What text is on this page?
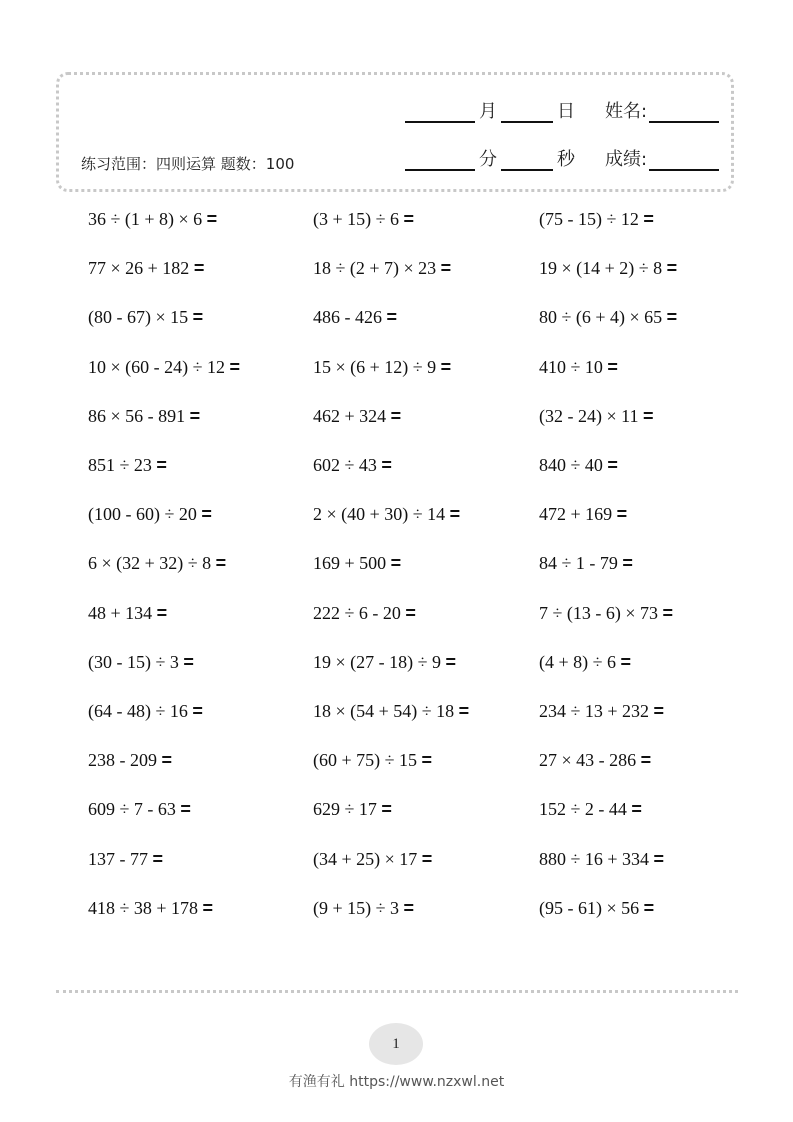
练习范围：四则运算 题数：100
月	日 姓名:
分	秒 成绩:
36 ÷ (1 + 8) × 6 =	(3 + 15) ÷ 6 =	(75 - 15) ÷ 12 =
77 × 26 + 182 =	18 ÷ (2 + 7) × 23 =	19 × (14 + 2) ÷ 8 =
(80 - 67) × 15 =	486 - 426 =	80 ÷ (6 + 4) × 65 =
10 × (60 - 24) ÷ 12 =	15 × (6 + 12) ÷ 9 =	410 ÷ 10 =
86 × 56 - 891 =	462 + 324 =	(32 - 24) × 11 =
851 ÷ 23 =	602 ÷ 43 =	840 ÷ 40 =
(100 - 60) ÷ 20 =	2 × (40 + 30) ÷ 14 =	472 + 169 =
6 × (32 + 32) ÷ 8 =	169 + 500 =	84 ÷ 1 - 79 =
48 + 134 =	222 ÷ 6 - 20 =	7 ÷ (13 - 6) × 73 =
(30 - 15) ÷ 3 =	19 × (27 - 18) ÷ 9 =	(4 + 8) ÷ 6 =
(64 - 48) ÷ 16 =	18 × (54 + 54) ÷ 18 =	234 ÷ 13 + 232 =
238 - 209 =	(60 + 75) ÷ 15 =	27 × 43 - 286 =
609 ÷ 7 - 63 =	629 ÷ 17 =	152 ÷ 2 - 44 =
137 - 77 =	(34 + 25) × 17 =	880 ÷ 16 + 334 =
418 ÷ 38 + 178 =	(9 + 15) ÷ 3 =	(95 - 61) × 56 =
1
有渔有礼 https://www.nzxwl.net
